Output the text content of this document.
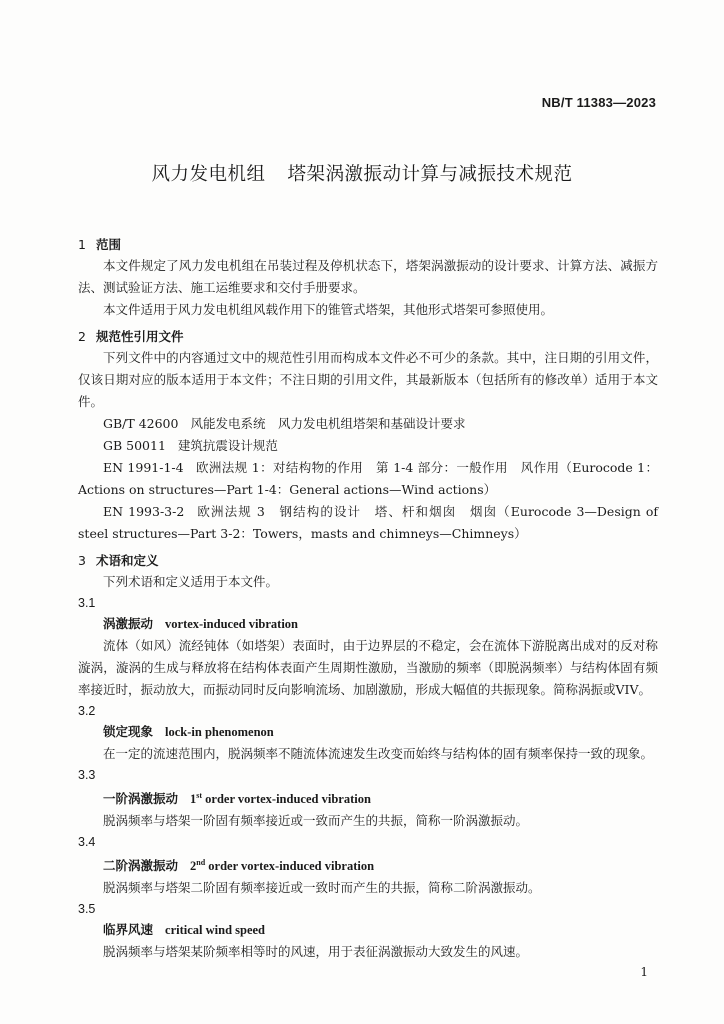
NB/T 11383—2023
风力发电机组 塔架涡激振动计算与减振技术规范
1 范围

本文件规定了风力发电机组在吊装过程及停机状态下，塔架涡激振动的设计要求、计算方法、减振方法、测试验证方法、施工运维要求和交付手册要求。

本文件适用于风力发电机组风载作用下的锥管式塔架，其他形式塔架可参照使用。

2 规范性引用文件

下列文件中的内容通过文中的规范性引用而构成本文件必不可少的条款。其中，注日期的引用文件，仅该日期对应的版本适用于本文件；不注日期的引用文件，其最新版本（包括所有的修改单）适用于本文件。

GB/T 42600 风能发电系统　风力发电机组塔架和基础设计要求

GB 50011 建筑抗震设计规范

EN 1991-1-4 欧洲法规 1：对结构物的作用　第 1-4 部分：一般作用　风作用（Eurocode 1：Actions on structures—Part 1-4：General actions—Wind actions）

EN 1993-3-2 欧洲法规 3　钢结构的设计　塔、杆和烟囱　烟囱（Eurocode 3—Design of steel structures—Part 3-2：Towers，masts and chimneys—Chimneys）

3 术语和定义

下列术语和定义适用于本文件。

3.1
涡激振动 vortex-induced vibration

流体（如风）流经钝体（如塔架）表面时，由于边界层的不稳定，会在流体下游脱离出成对的反对称漩涡，漩涡的生成与释放将在结构体表面产生周期性激励，当激励的频率（即脱涡频率）与结构体固有频率接近时，振动放大，而振动同时反向影响流场、加剧激励，形成大幅值的共振现象。简称涡振或VIV。

3.2
锁定现象 lock-in phenomenon

在一定的流速范围内，脱涡频率不随流体流速发生改变而始终与结构体的固有频率保持一致的现象。

3.3
一阶涡激振动 1st order vortex-induced vibration

脱涡频率与塔架一阶固有频率接近或一致而产生的共振，简称一阶涡激振动。

3.4
二阶涡激振动 2nd order vortex-induced vibration

脱涡频率与塔架二阶固有频率接近或一致时而产生的共振，简称二阶涡激振动。

3.5
临界风速 critical wind speed

脱涡频率与塔架某阶频率相等时的风速，用于表征涡激振动大致发生的风速。

1
